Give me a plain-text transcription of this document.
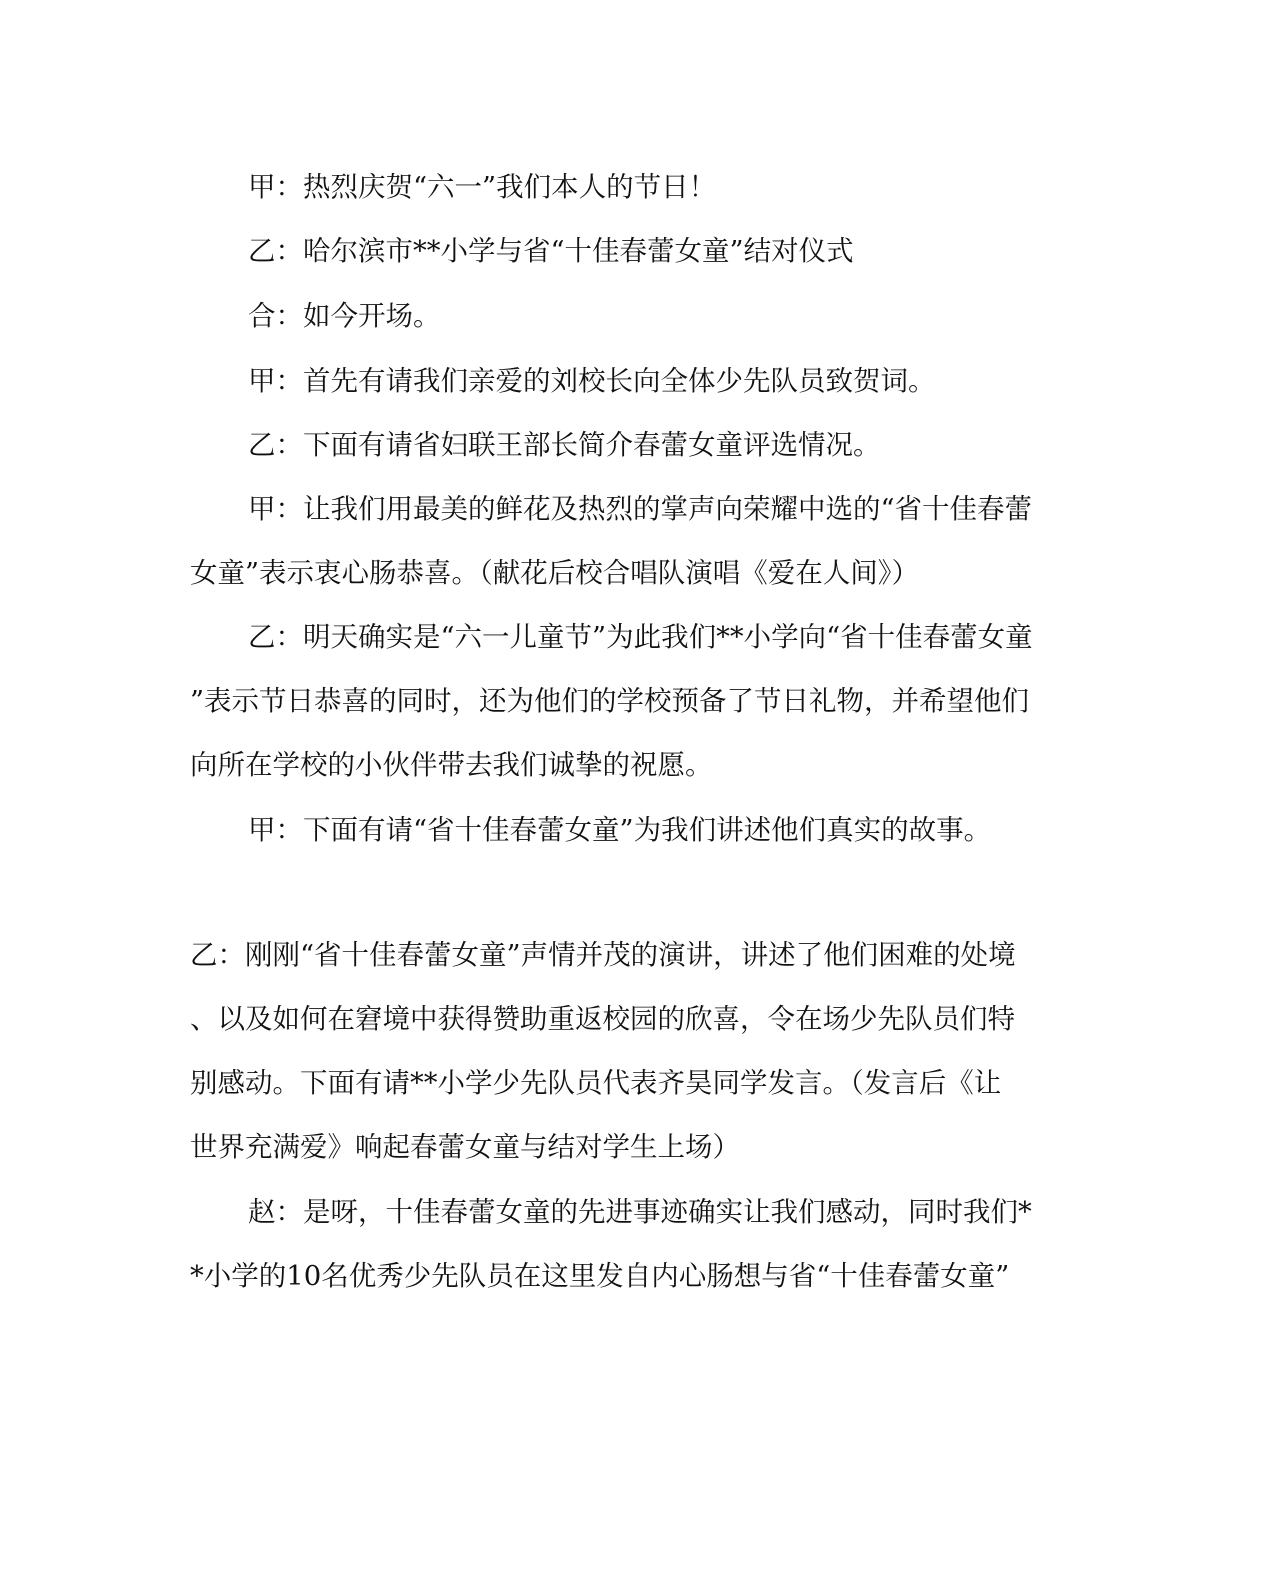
甲：热烈庆贺“六一”我们本人的节日！

乙：哈尔滨市**小学与省“十佳春蕾女童”结对仪式

合：如今开场。

甲：首先有请我们亲爱的刘校长向全体少先队员致贺词。

乙：下面有请省妇联王部长简介春蕾女童评选情况。

甲：让我们用最美的鲜花及热烈的掌声向荣耀中选的“省十佳春蕾

女童”表示衷心肠恭喜。（献花后校合唱队演唱《爱在人间》）

乙：明天确实是“六一儿童节”为此我们**小学向“省十佳春蕾女童

”表示节日恭喜的同时，还为他们的学校预备了节日礼物，并希望他们

向所在学校的小伙伴带去我们诚挚的祝愿。

甲：下面有请“省十佳春蕾女童”为我们讲述他们真实的故事。

乙：刚刚“省十佳春蕾女童”声情并茂的演讲，讲述了他们困难的处境

、以及如何在窘境中获得赞助重返校园的欣喜，令在场少先队员们特

别感动。下面有请**小学少先队员代表齐昊同学发言。（发言后《让

世界充满爱》响起春蕾女童与结对学生上场）

赵：是呀，十佳春蕾女童的先进事迹确实让我们感动，同时我们*

*小学的10名优秀少先队员在这里发自内心肠想与省“十佳春蕾女童”
